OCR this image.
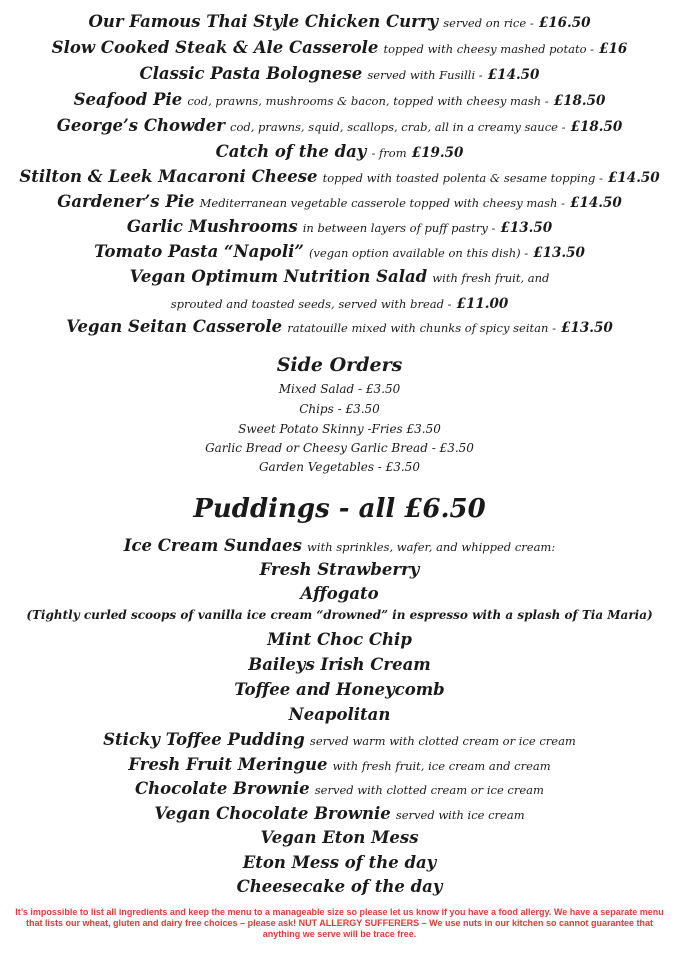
Our Famous Thai Style Chicken Curry served on rice - £16.50
Slow Cooked Steak & Ale Casserole topped with cheesy mashed potato - £16
Classic Pasta Bolognese served with Fusilli - £14.50
Seafood Pie cod, prawns, mushrooms & bacon, topped with cheesy mash - £18.50
George’s Chowder cod, prawns, squid, scallops, crab, all in a creamy sauce - £18.50
Catch of the day - from £19.50
Stilton & Leek Macaroni Cheese topped with toasted polenta & sesame topping - £14.50
Gardener’s Pie Mediterranean vegetable casserole topped with cheesy mash - £14.50
Garlic Mushrooms in between layers of puff pastry - £13.50
Tomato Pasta “Napoli” (vegan option available on this dish) - £13.50
Vegan Optimum Nutrition Salad with fresh fruit, and
sprouted and toasted seeds, served with bread - £11.00
Vegan Seitan Casserole ratatouille mixed with chunks of spicy seitan - £13.50
Side Orders
Mixed Salad - £3.50
Chips - £3.50
Sweet Potato Skinny -Fries £3.50
Garlic Bread or Cheesy Garlic Bread - £3.50
Garden Vegetables - £3.50
Puddings - all £6.50
Ice Cream Sundaes with sprinkles, wafer, and whipped cream:
Fresh Strawberry
Affogato
(Tightly curled scoops of vanilla ice cream “drowned” in espresso with a splash of Tia Maria)
Mint Choc Chip
Baileys Irish Cream
Toffee and Honeycomb
Neapolitan
Sticky Toffee Pudding served warm with clotted cream or ice cream
Fresh Fruit Meringue with fresh fruit, ice cream and cream
Chocolate Brownie served with clotted cream or ice cream
Vegan Chocolate Brownie served with ice cream
Vegan Eton Mess
Eton Mess of the day
Cheesecake of the day
It’s impossible to list all ingredients and keep the menu to a manageable size so please let us know if you have a food allergy. We have a separate menu that lists our wheat, gluten and dairy free choices – please ask! NUT ALLERGY SUFFERERS – We use nuts in our kitchen so cannot guarantee that anything we serve will be trace free.
